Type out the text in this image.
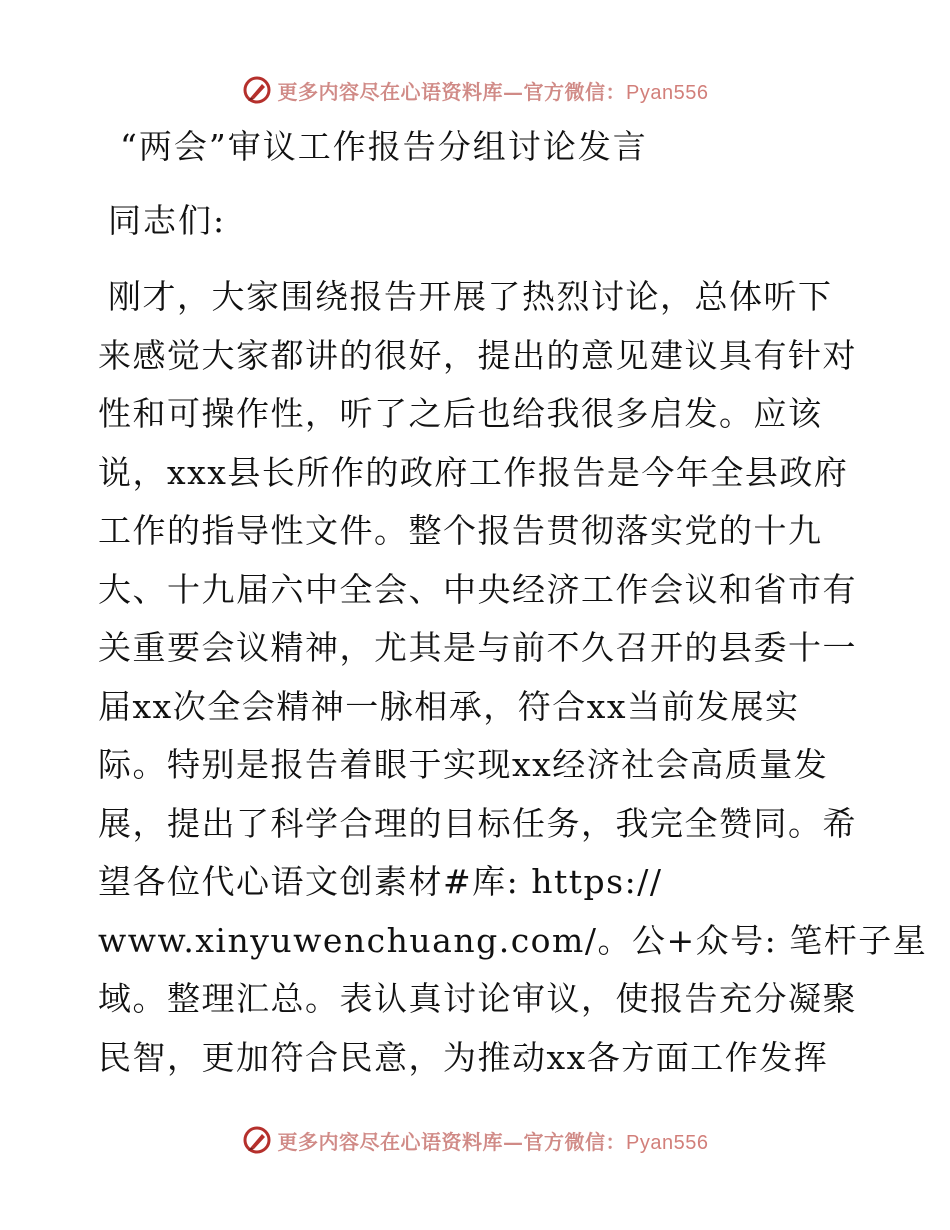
更多内容尽在心语资料库—官方微信：Pyan556
“两会”审议工作报告分组讨论发言
同志们:
刚才，大家围绕报告开展了热烈讨论，总体听下
来感觉大家都讲的很好，提出的意见建议具有针对
性和可操作性，听了之后也给我很多启发。应该
说，xxx县长所作的政府工作报告是今年全县政府
工作的指导性文件。整个报告贯彻落实党的十九
大、十九届六中全会、中央经济工作会议和省市有
关重要会议精神，尤其是与前不久召开的县委十一
届xx次全会精神一脉相承，符合xx当前发展实
际。特别是报告着眼于实现xx经济社会高质量发
展，提出了科学合理的目标任务，我完全赞同。希
望各位代心语文创素材#库: https://
www.xinyuwenchuang.com/。公+众号: 笔杆子星
域。整理汇总。表认真讨论审议，使报告充分凝聚
民智，更加符合民意，为推动xx各方面工作发挥
更多内容尽在心语资料库—官方微信：Pyan556
